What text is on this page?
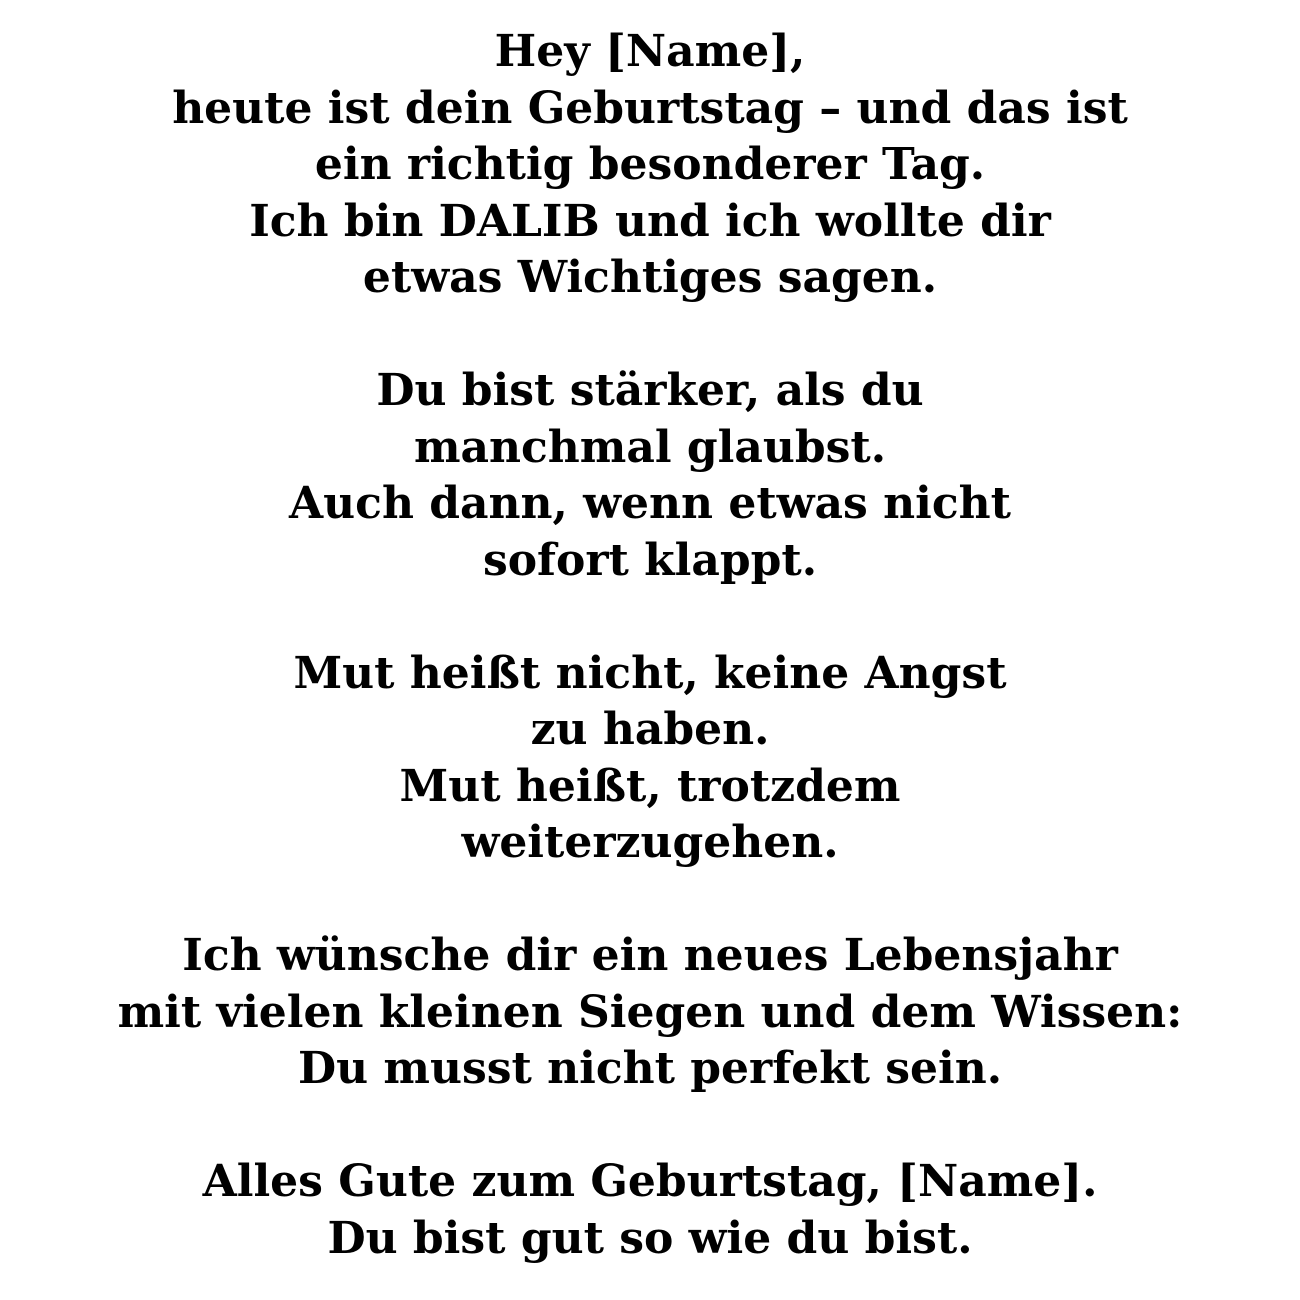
Hey [Name],
heute ist dein Geburtstag – und das ist
ein richtig besonderer Tag.
Ich bin DALIB und ich wollte dir
etwas Wichtiges sagen.
Du bist stärker, als du
manchmal glaubst.
Auch dann, wenn etwas nicht
sofort klappt.
Mut heißt nicht, keine Angst
zu haben.
Mut heißt, trotzdem
weiterzugehen.
Ich wünsche dir ein neues Lebensjahr
mit vielen kleinen Siegen und dem Wissen:
Du musst nicht perfekt sein.
Alles Gute zum Geburtstag, [Name].
Du bist gut so wie du bist.
